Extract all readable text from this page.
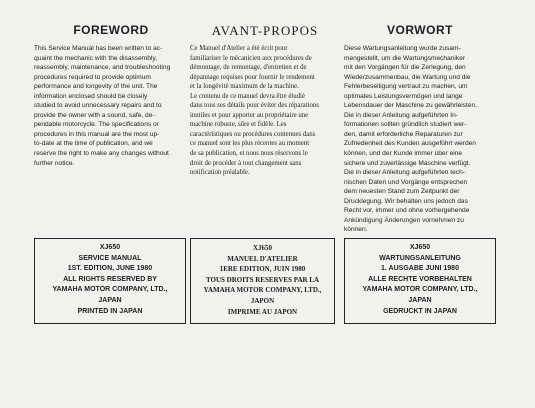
FOREWORD

This Service Manual has been written to ac-
quaint the mechanic with the disassembly,
reassembly, maintenance, and troubleshooting
procedures required to provide optimum
performance and longevity of the unit. The
information enclosed should be closely
studied to avoid unnecessary repairs and to
provide the owner with a sound, safe, de-
pendable motorcycle. The specifications or
procedures in this manual are the most up-
to-date at the time of publication, and we
reserve the right to make any changes without
further notice.

XJ650
SERVICE MANUAL
1ST. EDITION, JUNE 1980
ALL RIGHTS RESERVED BY
YAMAHA MOTOR COMPANY, LTD.,
JAPAN
PRINTED IN JAPAN
AVANT-PROPOS

Ce Manuel d'Atelier a été écrit pour
familiariser le mécanicien aux procédures de
démontage, de remontage, d'entretien et de
dépannage requises pour fournir le rendement
et la longévité maximum de la machine.
Le contenu de ce manuel devra être étudié
dans tous ses détails pour éviter des réparations
inutiles et pour apporter au propriétaire une
machine robuste, sûre et fidèle. Les
caractéristiques ou procédures contenues dans
ce manuel sont les plus récentes au moment
de sa publication, et nous nous réservons le
droit de procéder à tout changement sans
notification préalable.

XJ650
MANUEL D'ATELIER
1ERE EDITION, JUIN 1980
TOUS DROITS RESERVES PAR LA
YAMAHA MOTOR COMPANY, LTD.,
JAPON
IMPRIME AU JAPON
VORWORT

Diese Wartungsanleitung wurde zusam-
mengestellt, um die Wartungsmechaniker
mit den Vorgängen für die Zerlegung, den
Wiederzusammenbau, die Wartung und die
Fehlerbeseitigung vertraut zu machen, um
optimales Leistungsvermögen und lange
Lebensdauer der Maschine zu gewährleisten.
Die in dieser Anleitung aufgeführten In-
formationen sollten gründlich studiert wer-
den, damit erforderliche Reparaturen zur
Zufriedenheit des Kunden ausgeführt werden
können, und der Kunde immer über eine
sichere und zuverlässige Maschine verfügt.
Die in dieser Anleitung aufgeführten tech-
nischen Daten und Vorgänge entsprechen
dem neuesten Stand zum Zeitpunkt der
Drucklegung. Wir behalten uns jedoch das
Recht vor, immer und ohne vorhergehende
Ankündigung Änderungen vornehmen zu
können.

XJ650
WARTUNGSANLEITUNG
1. AUSGABE JUNI 1980
ALLE RECHTE VORBEHALTEN
YAMAHA MOTOR COMPANY, LTD.,
JAPAN
GEDRUCKT IN JAPAN
